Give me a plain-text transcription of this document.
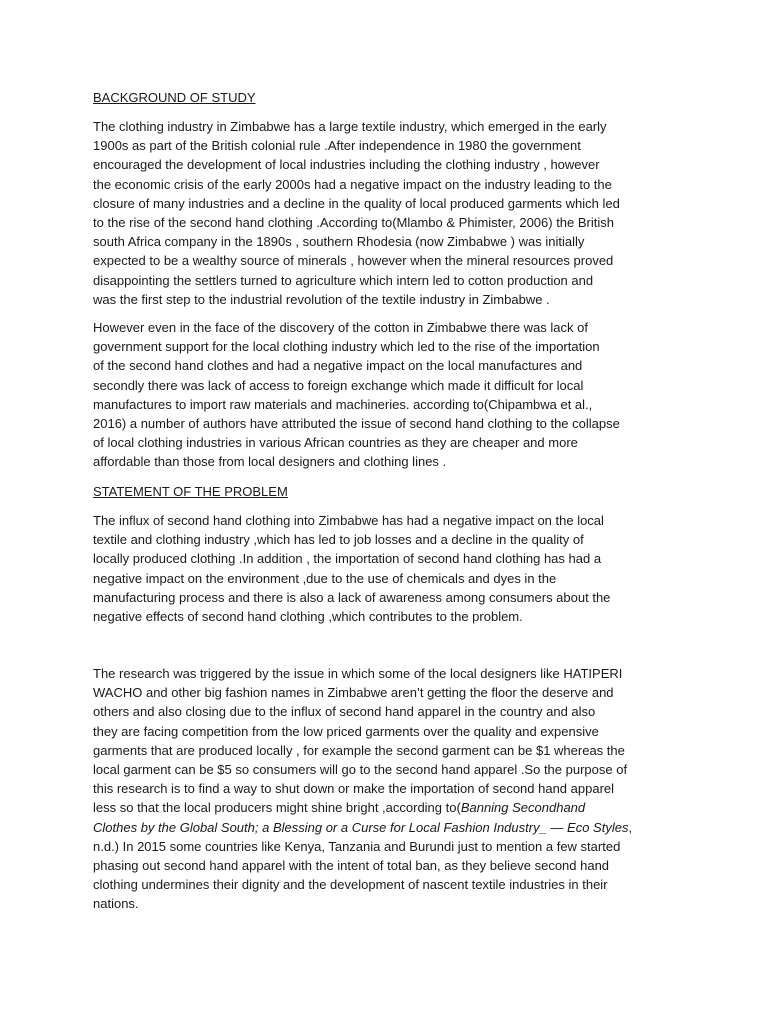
BACKGROUND OF STUDY

The clothing industry in Zimbabwe has a large textile industry, which emerged in the early
1900s as part of the British colonial rule .After independence in 1980 the government
encouraged the development of local industries including the clothing industry , however
the economic crisis of the early 2000s had a negative impact on the industry leading to the
closure of many industries and a decline in the quality of local produced garments which led
to the rise of the second hand clothing .According to(Mlambo & Phimister, 2006) the British
south Africa company in the 1890s , southern Rhodesia (now Zimbabwe ) was initially
expected to be a wealthy source of minerals , however when the mineral resources proved
disappointing the settlers turned to agriculture which intern led to cotton production and
was the first step to the industrial revolution of the textile industry in Zimbabwe .

However even in the face of the discovery of the cotton in Zimbabwe there was lack of
government support for the local clothing industry which led to the rise of the importation
of the second hand clothes and had a negative impact on the local manufactures and
secondly there was lack of access to foreign exchange which made it difficult for local
manufactures to import raw materials and machineries. according to(Chipambwa et al.,
2016) a number of authors have attributed the issue of second hand clothing to the collapse
of local clothing industries in various African countries as they are cheaper and more
affordable than those from local designers and clothing lines .

STATEMENT OF THE PROBLEM

The influx of second hand clothing into Zimbabwe has had a negative impact on the local
textile and clothing industry ,which has led to job losses and a decline in the quality of
locally produced clothing .In addition , the importation of second hand clothing has had a
negative impact on the environment ,due to the use of chemicals and dyes in the
manufacturing process and there is also a lack of awareness among consumers about the
negative effects of second hand clothing ,which contributes to the problem.

The research was triggered by the issue in which some of the local designers like HATIPERI
WACHO and other big fashion names in Zimbabwe aren’t getting the floor the deserve and
others and also closing due to the influx of second hand apparel in the country and also
they are facing competition from the low priced garments over the quality and expensive
garments that are produced locally , for example the second garment can be $1 whereas the
local garment can be $5 so consumers will go to the second hand apparel .So the purpose of
this research is to find a way to shut down or make the importation of second hand apparel
less so that the local producers might shine bright ,according to(Banning Secondhand
Clothes by the Global South; a Blessing or a Curse for Local Fashion Industry_ — Eco Styles,
n.d.) In 2015 some countries like Kenya, Tanzania and Burundi just to mention a few started
phasing out second hand apparel with the intent of total ban, as they believe second hand
clothing undermines their dignity and the development of nascent textile industries in their
nations.
